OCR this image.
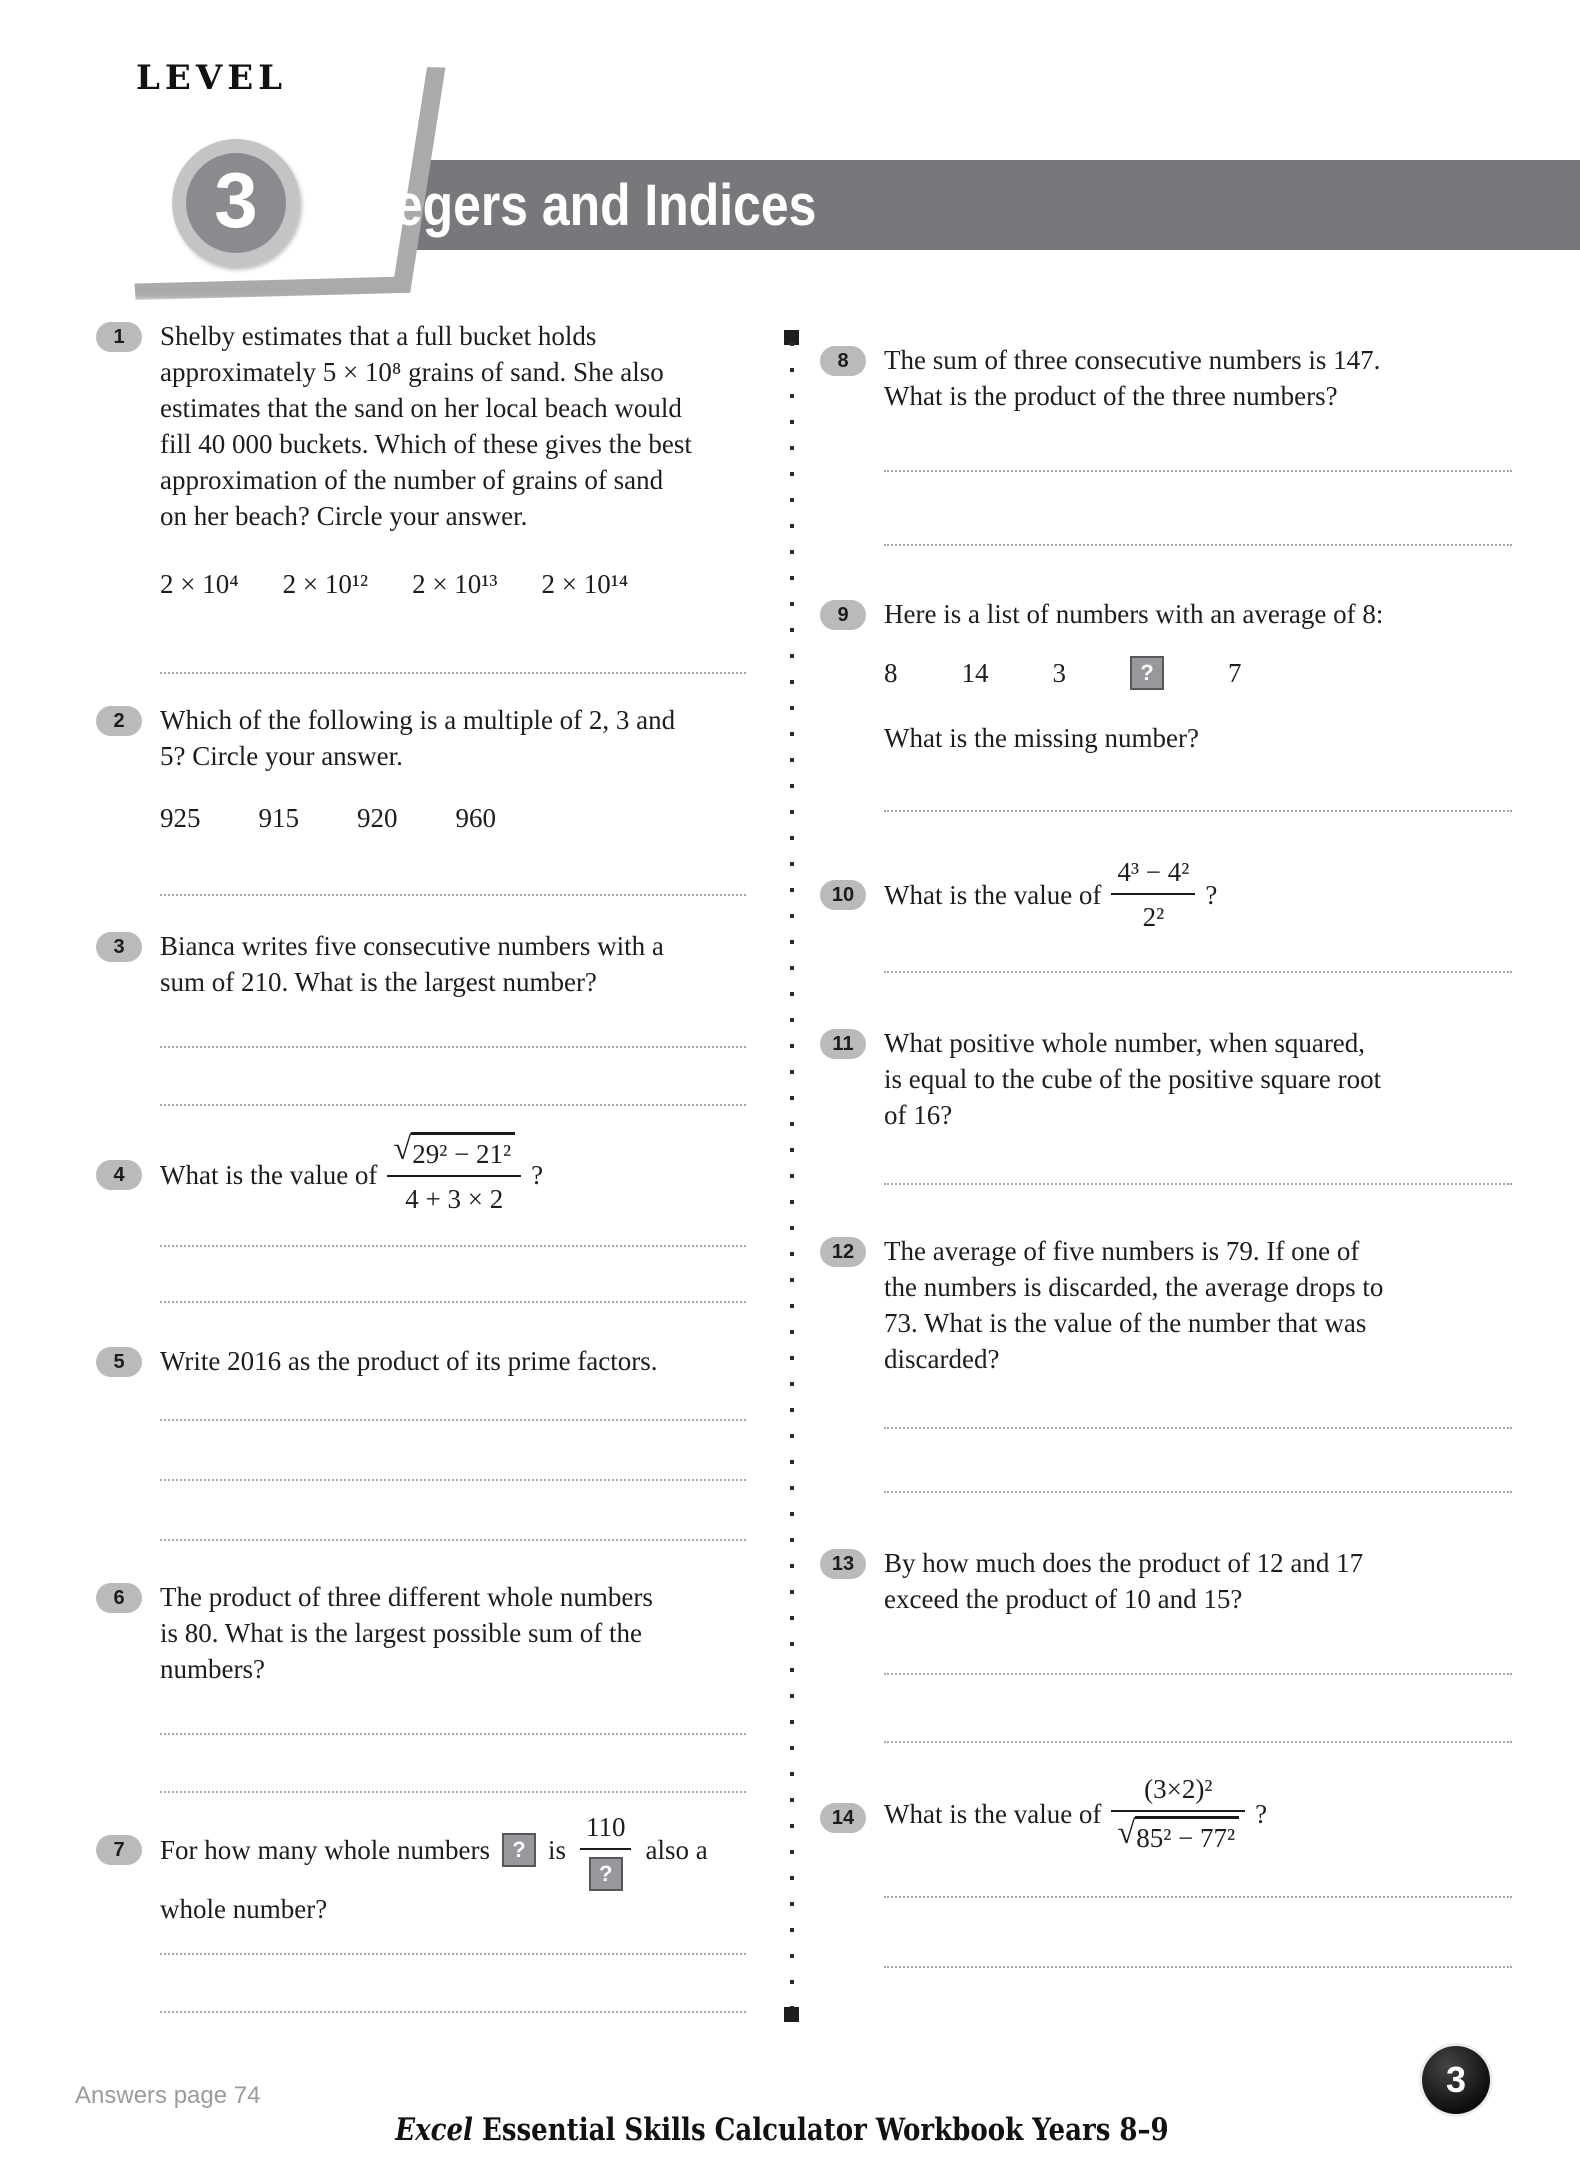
LEVEL
3 Integers and Indices
1	Shelby estimates that a full bucket holds
approximately 5 × 10⁸ grains of sand. She also
estimates that the sand on her local beach would
fill 40 000 buckets. Which of these gives the best
approximation of the number of grains of sand
on her beach? Circle your answer.
2 × 10⁴ 2 × 10¹² 2 × 10¹³ 2 × 10¹⁴
2	Which of the following is a multiple of 2, 3 and
5? Circle your answer.
925 915 920 960
3	Bianca writes five consecutive numbers with a
sum of 210. What is the largest number?
4	What is the value of $\frac{\text{√ 29² − 21²}}{4 + 3 \times 2}$ ?
5	Write 2016 as the product of its prime factors.
6	The product of three different whole numbers
is 80. What is the largest possible sum of the
numbers?
7	For how many whole numbers	? is $\frac{110}{?}$ also a
whole number?
8	The sum of three consecutive numbers is 147.
What is the product of the three numbers?
9	Here is a list of numbers with an average of 8:
8 14 3	?	7
What is the missing number?
10	What is the value of $\frac{\text{4³ − 4²}}{\text{2²}}$ ?
11	What positive whole number, when squared,
is equal to the cube of the positive square root
of 16?
12	The average of five numbers is 79. If one of
the numbers is discarded, the average drops to
73. What is the value of the number that was
discarded?
13	By how much does the product of 12 and 17
exceed the product of 10 and 15?
14	What is the value of $\frac{\text{(3×2)²}}{\text{√ 85² − 77²}}$ ?
Answers page 74

Excel Essential Skills Calculator Workbook Years 8–9

3
